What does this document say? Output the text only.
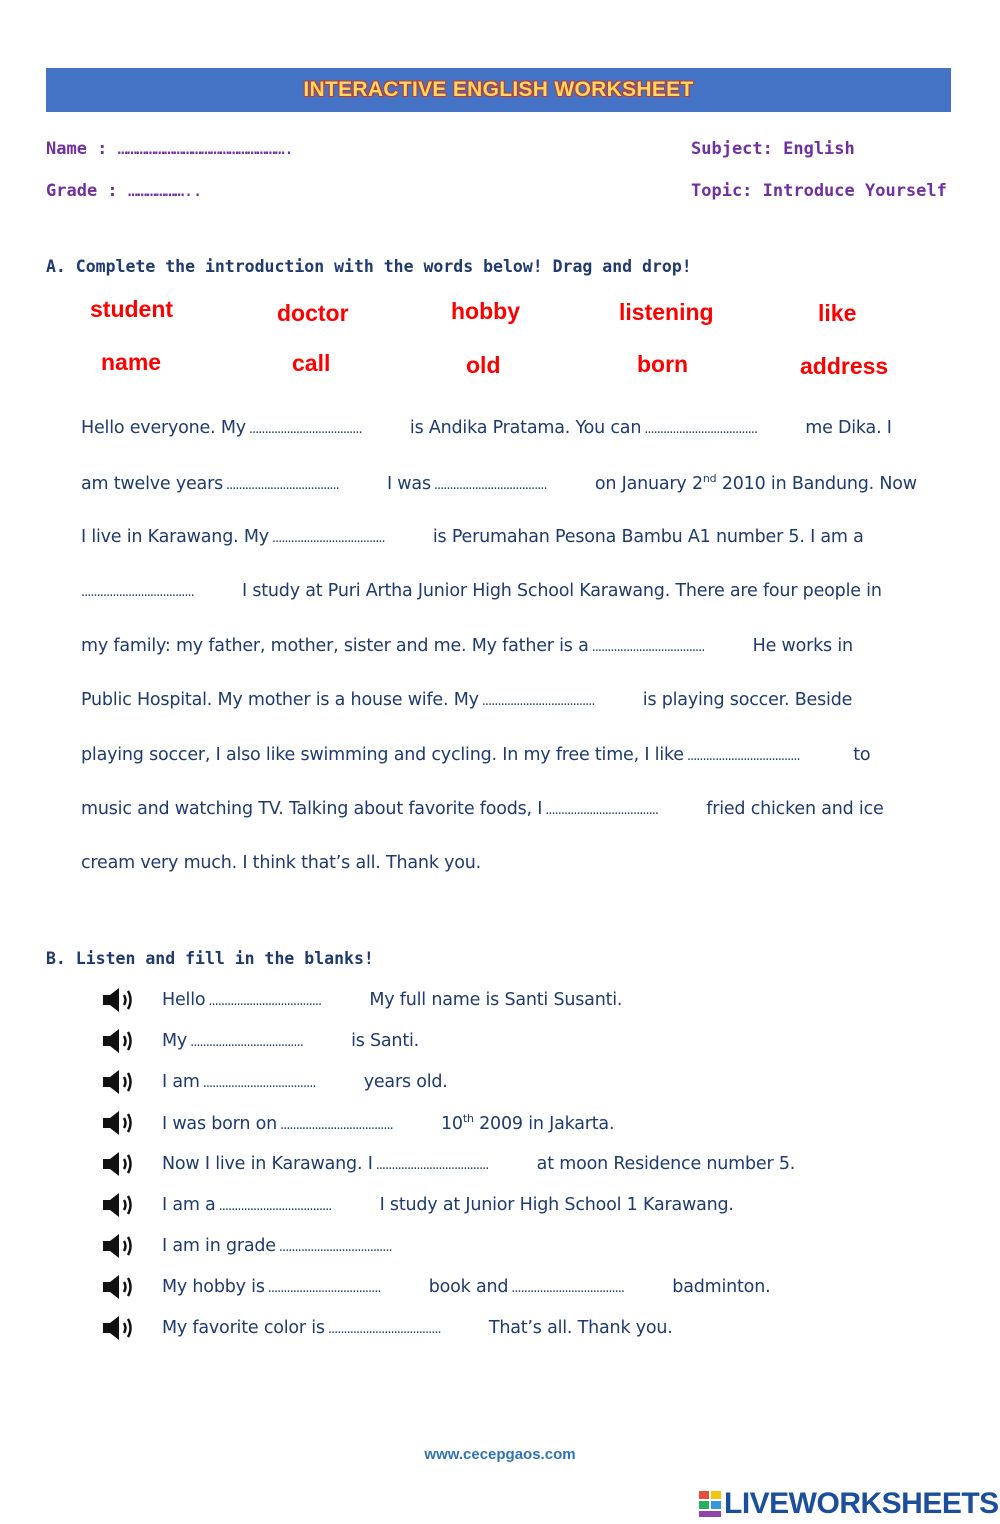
INTERACTIVE ENGLISH WORKSHEET
Name : ……………………………………………….
Grade : ………………..
Subject: English
Topic: Introduce Yourself
A. Complete the introduction with the words below! Drag and drop!
student	doctor	hobby	listening	like
name	call	old	born	address
Hello everyone. My .....	is Andika Pratama. You can .....	me Dika. I
am twelve years .....	I was .....	on January 2nd 2010 in Bandung. Now
I live in Karawang. My .....	is Perumahan Pesona Bambu A1 number 5. I am a
.....I study at Puri Artha Junior High School Karawang. There are four people in
my family: my father, mother, sister and me. My father is a .....	He works in
Public Hospital. My mother is a house wife. My .....	is playing soccer. Beside
playing soccer, I also like swimming and cycling. In my free time, I like .....	to
music and watching TV. Talking about favorite foods, I .....	fried chicken and ice
cream very much. I think that’s all. Thank you.
B. Listen and fill in the blanks!
Hello .....	My full name is Santi Susanti.
My .....	is Santi.
I am .....	years old.
I was born on .....	10th 2009 in Jakarta.
Now I live in Karawang. I .....	at moon Residence number 5.
I am a .....	I study at Junior High School 1 Karawang.
I am in grade.....
My hobby is .....	book and .....	badminton.
My favorite color is .....	That’s all. Thank you.
www.cecepgaos.com
LIVEWORKSHEETS
